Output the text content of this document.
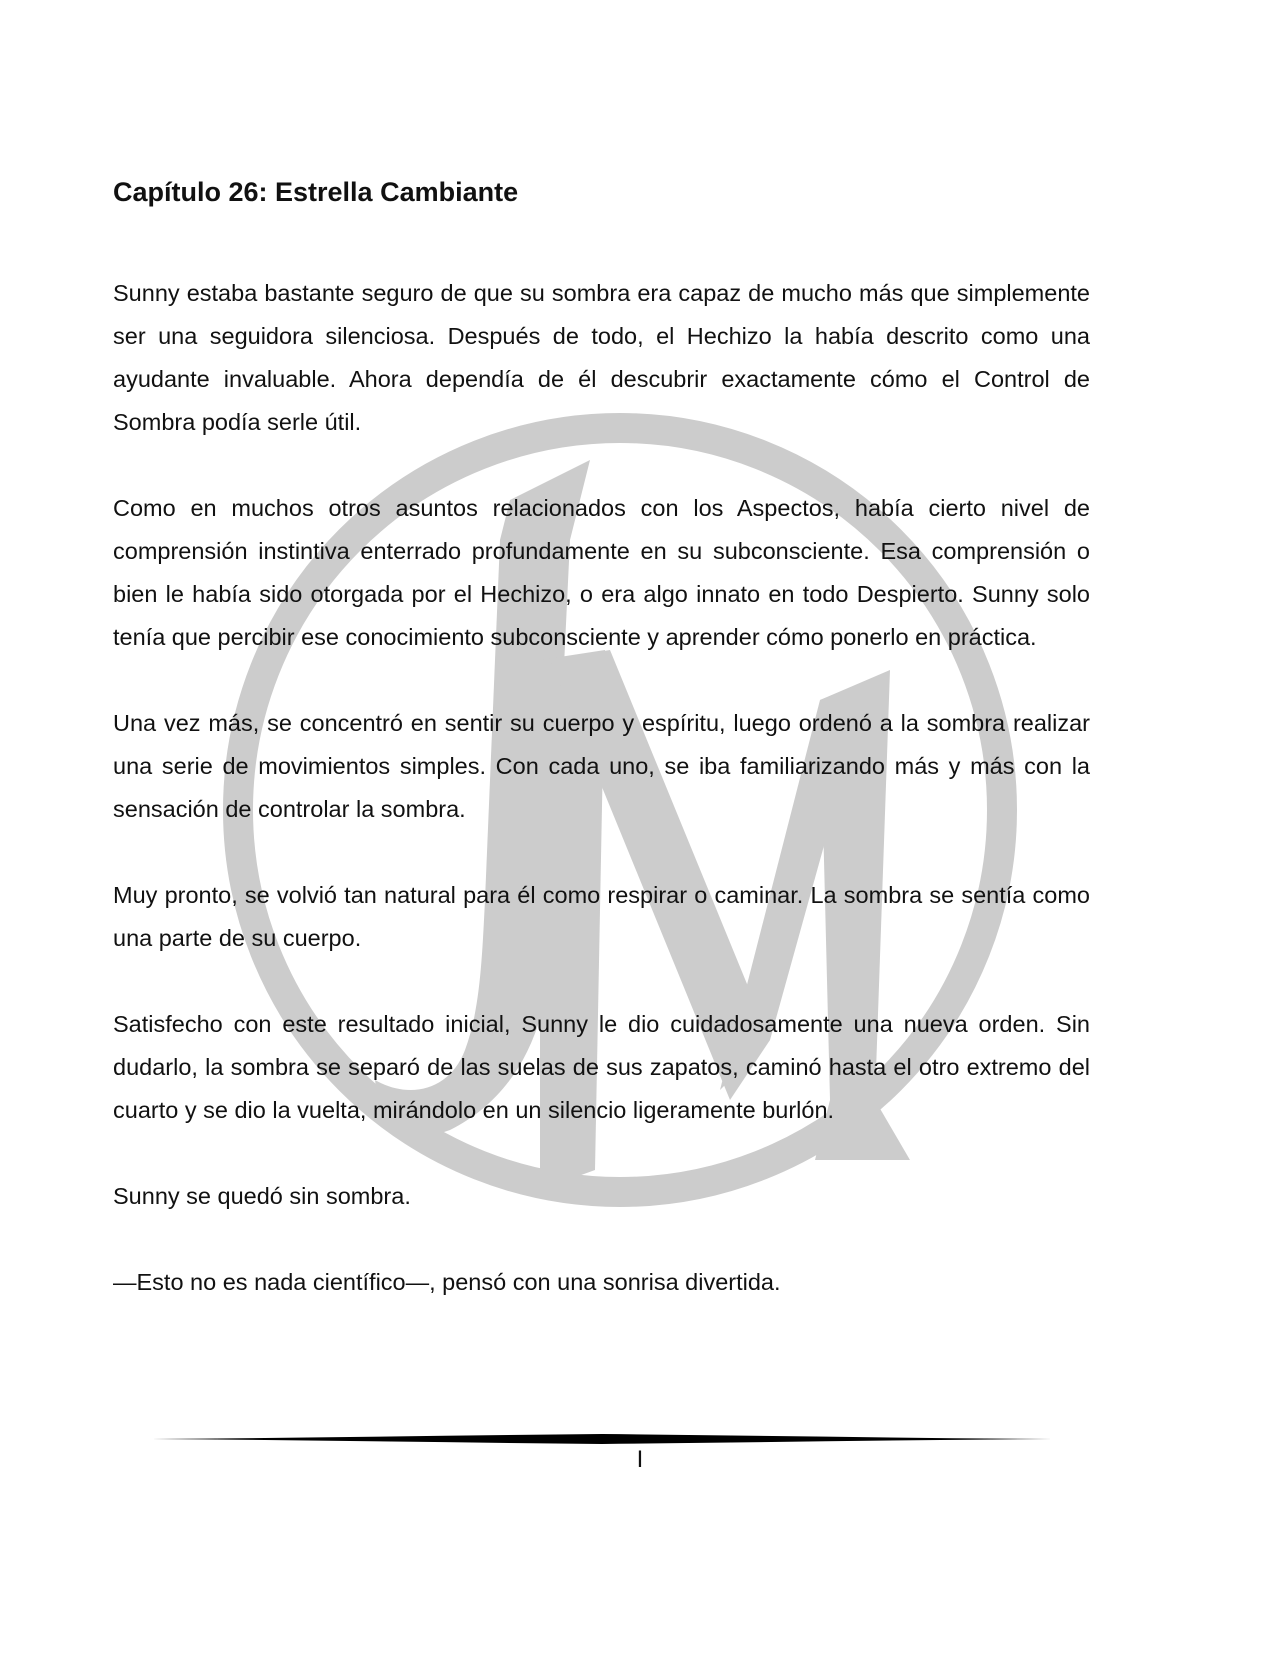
Capítulo 26: Estrella Cambiante

Sunny estaba bastante seguro de que su sombra era capaz de mucho más que simplemente ser una seguidora silenciosa. Después de todo, el Hechizo la había descrito como una ayudante invaluable. Ahora dependía de él descubrir exactamente cómo el Control de Sombra podía serle útil.

Como en muchos otros asuntos relacionados con los Aspectos, había cierto nivel de comprensión instintiva enterrado profundamente en su subconsciente. Esa comprensión o bien le había sido otorgada por el Hechizo, o era algo innato en todo Despierto. Sunny solo tenía que percibir ese conocimiento subconsciente y aprender cómo ponerlo en práctica.

Una vez más, se concentró en sentir su cuerpo y espíritu, luego ordenó a la sombra realizar una serie de movimientos simples. Con cada uno, se iba familiarizando más y más con la sensación de controlar la sombra.

Muy pronto, se volvió tan natural para él como respirar o caminar. La sombra se sentía como una parte de su cuerpo.

Satisfecho con este resultado inicial, Sunny le dio cuidadosamente una nueva orden. Sin dudarlo, la sombra se separó de las suelas de sus zapatos, caminó hasta el otro extremo del cuarto y se dio la vuelta, mirándolo en un silencio ligeramente burlón.

Sunny se quedó sin sombra.

—Esto no es nada científico—, pensó con una sonrisa divertida.

I
